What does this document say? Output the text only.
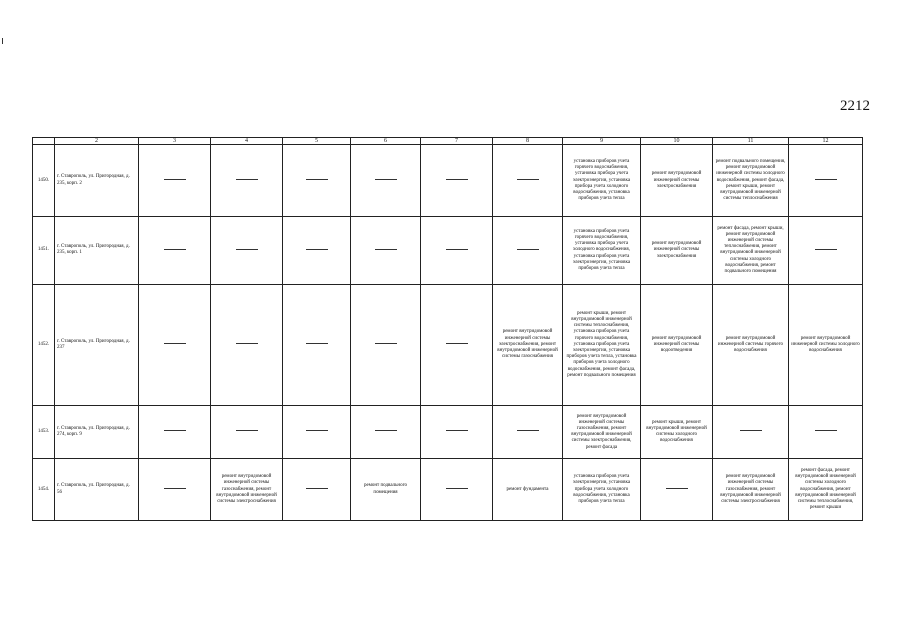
2212
	2	3	4	5	6	7	8	9	10	11	12
1450.	г. Ставрополь, ул. Пригородная, д. 235, корп. 2							установка приборов учета горячего водоснабжения, установка прибора учета электроэнергии, установка прибора учета холодного водоснабжения, установка приборов учета тепла	ремонт внутридомовой инженерной системы электроснабжения	ремонт подвального помещения, ремонт внутридомовой инженерной системы холодного водоснабжения, ремонт фасада, ремонт крыши, ремонт внутридомовой инженерной системы теплоснабжения	
1451.	г. Ставрополь, ул. Пригородная, д. 235, корп. 1							установка приборов учета горячего водоснабжения, установка прибора учета холодного водоснабжения, установка приборов учета электроэнергии, установка приборов учета тепла	ремонт внутридомовой инженерной системы электроснабжения	ремонт фасада, ремонт крыши, ремонт внутридомовой инженерной системы теплоснабжения, ремонт внутридомовой инженерной системы холодного водоснабжения, ремонт подвального помещения	
1452.	г. Ставрополь, ул. Пригородная, д. 237						ремонт внутридомовой инженерной системы электроснабжения, ремонт внутридомовой инженерной системы газоснабжения	ремонт крыши, ремонт внутридомовой инженерной системы теплоснабжения, установка приборов учета горячего водоснабжения, установка приборов учета электроэнергии, установка приборов учета тепла, установка приборов учета холодного водоснабжения, ремонт фасада, ремонт подвального помещения	ремонт внутридомовой инженерной системы водоотведения	ремонт внутридомовой инженерной системы горячего водоснабжения	ремонт внутридомовой инженерной системы холодного водоснабжения
1453.	г. Ставрополь, ул. Пригородная, д. 274, корп. 9							ремонт внутридомовой инженерной системы газоснабжения, ремонт внутридомовой инженерной системы электроснабжения, ремонт фасада	ремонт крыши, ремонт внутридомовой инженерной системы холодного водоснабжения		
1454.	г. Ставрополь, ул. Пригородная, д. 56		ремонт внутридомовой инженерной системы газоснабжения, ремонт внутридомовой инженерной системы электроснабжения		ремонт подвального помещения		ремонт фундамента	установка приборов учета электроэнергии, установка прибора учета холодного водоснабжения, установка приборов учета тепла		ремонт внутридомовой инженерной системы газоснабжения, ремонт внутридомовой инженерной системы электроснабжения	ремонт фасада, ремонт внутридомовой инженерной системы холодного водоснабжения, ремонт внутридомовой инженерной системы теплоснабжения, ремонт крыши
